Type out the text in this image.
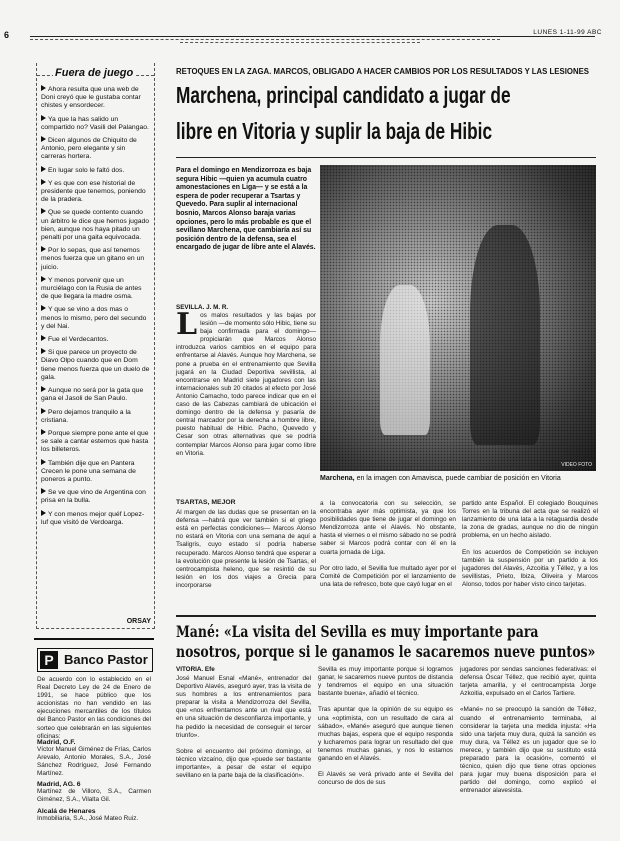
6	LUNES 1-11-99 ABC
Fuera de juego
Ahora resulta que una web de Doni creyó que le gustaba contar chistes y ensordecer.
Ya que la has salido un compartido no? Vasili del Palangao.
Dicen algunos de Chiquito de Antonio, pero elegante y sin carreras hortera.
En lugar solo le faltó dos.
Y es que con ese historial de presidente que tenemos, poniendo de la pradera.
Que se quede contento cuando un árbitro le dice que hemos jugado bien, aunque nos haya pitado un penalti por una gaita equivocada.
Por lo sepas, que así tenemos menos fuerza que un gitano en un juicio.
Y menos porvenir que un murciélago con la Rusia de antes de que llegara la madre osma.
Y que se vino a dos mas o menos lo mismo, pero del secundo y del Nai.
Fue el Verdecantos.
Si que parece un proyecto de Diavo Olpo cuando que en Dom tiene menos fuerza que un duelo de gala.
Aunque no será por la gata que gana el Jasoli de San Paulo.
Pero dejamos tranquilo a la cristiana.
Porque siempre pone ante el que se sale a cantar estemos que hasta los billeteros.
También dije que en Pantera Crecen le pone una semana de poneros a punto.
Se ve que vino de Argentina con prisa en la bulla.
Y con menos mejor quéf Lopez-luf que visitó de Verdoarga.
ORSAY
P Banco Pastor
De acuerdo con lo establecido en el Real Decreto Ley de 24 de Enero de 1991, se hace público que los accionistas no han vendido en las ejecuciones mercantiles de los títulos del Banco Pastor en las condiciones del sorteo que celebrarán en las siguientes oficinas:
Madrid, O.F.
Víctor Manuel Giménez de Frías, Carlos Arevalo, Antonio Morales, S.A., José Sánchez Rodríguez, José Fernando Martínez.
Madrid, AG. 6
Martínez de Villoro, S.A., Carmen Giménez, S.A., Vilalta Gil.
Alcalá de Henares
Inmobiliaria, S.A., José Mateo Ruiz.
RETOQUES EN LA ZAGA. MARCOS, OBLIGADO A HACER CAMBIOS POR LOS RESULTADOS Y LAS LESIONES
Marchena, principal candidato a jugar de
libre en Vitoria y suplir la baja de Hibic
Para el domingo en Mendizorroza es baja segura Hibic —quien ya acumula cuatro amonestaciones en Liga— y se está a la espera de poder recuperar a Tsartas y Quevedo. Para suplir al internacional bosnio, Marcos Alonso baraja varias opciones, pero lo más probable es que el sevillano Marchena, que cambiaría así su posición dentro de la defensa, sea el encargado de jugar de libre ante el Alavés.
SEVILLA. J. M. R.
Los malos resultados y las bajas por lesión —de momento sólo Hibic, tiene su baja confirmada para el domingo— propiciarán que Marcos Alonso introduzca varios cambios en el equipo para enfrentarse al Alavés. Aunque hoy Marchena, se pone a prueba en el entrenamiento que Sevilla jugará en la Ciudad Deportiva sevillista, al encontrarse en Madrid siete jugadores con las internacionales sub 20 citados al efecto por José Antonio Camacho, todo parece indicar que en el caso de las Cabezas cambiará de ubicación el domingo dentro de la defensa y pasaría de central marcador por la derecha a hombre libre, puesto habitual de Hibic. Pacho, Quevedo y Cesar son otras alternativas que se podría contemplar Marcos Alonso para jugar como libre en Vitoria.
TSARTAS, MEJOR
Al margen de las dudas que se presentan en la defensa —habrá que ver también si el griego está en perfectas condiciones— Marcos Alonso no estará en Vitoria con una semana de aquí a Tsaligris, cuyo estado sí podría haberse recuperado. Marcos Alonso tendrá que esperar a la evolución que presente la lesión de Tsartas, el centrocampista heleno, que se resintió de su lesión en los dos viajes a Grecia para incorporarse
VIDEO FOTO
Marchena, en la imagen con Amavisca, puede cambiar de posición en Vitoria
a la convocatoria con su selección, se encontraba ayer más optimista, ya que los posibilidades que tiene de jugar el domingo en Mendizorroza ante el Alavés. No obstante, hasta el viernes o el mismo sábado no se podrá saber si Marcos podrá contar con él en la cuarta jornada de Liga.

Por otro lado, el Sevilla fue multado ayer por el Comité de Competición por el lanzamiento de una lata de refresco, bote que cayó lugar en el
partido ante Español. El colegiado Bouquines Torres en la tribuna del acta que se realizó el lanzamiento de una lata a la retaguardia desde la zona de gradas, aunque no dio de ningún problema, en un hecho aislado.

En los acuerdos de Competición se incluyen también la suspensión por un partido a los jugadores del Alavés, Azcoitia y Téllez, y a los sevillistas, Prieto, Ibiza, Oliveira y Marcos Alonso, todos por haber visto cinco tarjetas.
Mané: «La visita del Sevilla es muy importante para
nosotros, porque si le ganamos le sacaremos nueve puntos»
VITORIA. Efe
José Manuel Esnal «Mané», entrenador del Deportivo Alavés, aseguró ayer, tras la visita de sus hombres a los entrenamientos para preparar la visita a Mendizorroza del Sevilla, que «nos enfrentamos ante un rival que está en una situación de desconfianza importante, y ha pedido la necesidad de conseguir el tercer triunfo».

Sobre el encuentro del próximo domingo, el técnico vizcaíno, dijo que «puede ser bastante importante», a pesar de estar el equipo sevillano en la parte baja de la clasificación».
Sevilla es muy importante porque si logramos ganar, le sacaremos nueve puntos de distancia y tendremos el equipo en una situación bastante buena», añadió el técnico.

Tras apuntar que la opinión de su equipo es una «optimista, con un resultado de cara al sábado», «Mané» aseguró que aunque tienen muchas bajas, espera que el equipo responda y lucharemos para lograr un resultado del que tenemos muchas ganas, y nos lo estamos ganando en el Alavés.

El Alavés se verá privado ante el Sevilla del concurso de dos de sus
jugadores por sendas sanciones federativas: el defensa Óscar Téllez, que recibió ayer, quinta tarjeta amarilla, y el centrocampista Jorge Azkoitia, expulsado en el Carlos Tartiere.

«Mané» no se preocupó la sanción de Téllez, cuando el entrenamiento terminaba, al considerar la tarjeta una medida injusta: «Ha sido una tarjeta muy dura, quizá la sanción es muy dura, va Téllez es un jugador que se lo merece, y también dijo que su sustituto está preparado para la ocasión», comentó el técnico, quien dijo que tiene otras opciones para jugar muy buena disposición para el partido del domingo, como explicó el entrenador alavesista.
